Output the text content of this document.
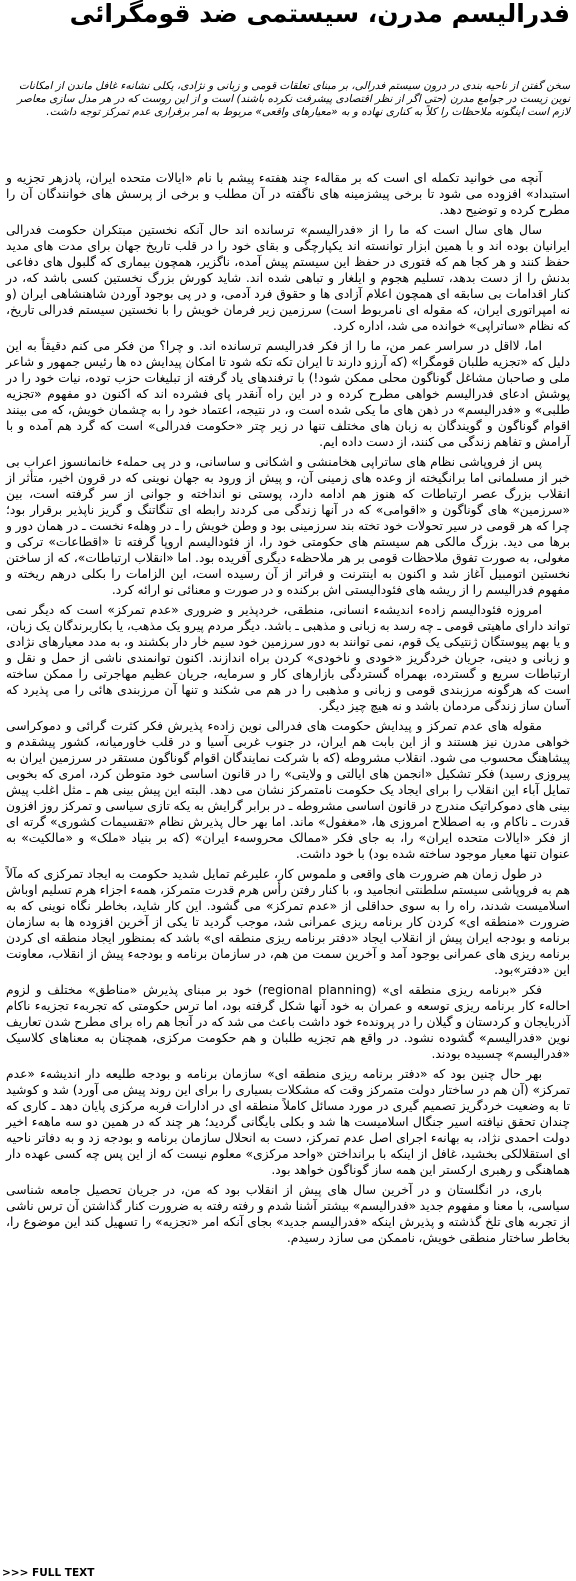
فدرالیسم مدرن، سیستمی ضد قومگرائی

سخن گفتن از ناحیه بندی در درون سیستم فدرالی، بر مبنای تعلقات قومی و زبانی و نژادی، یکلی نشانهء غافل ماندن از امکانات نوین زیست در جوامع مدرن (حتی اگر از نظر اقتصادی پیشرفت نکرده باشند) است و از این روست که در هر مدل سازی معاصر لازم است اینگونه ملاحظات را کلاً به کناری نهاده و به «معیارهای واقعی» مربوط به امر برقراری عدم تمرکز توجه داشت.

آنچه می خوانید تکمله ای است که بر مقالهء چند هفتهء پیشم با نام «ایالات متحده ایران، پادزهر تجزیه و استبداد» افزوده می شود تا برخی پیشزمینه های ناگفته در آن مطلب و برخی از پرسش های خوانندگان آن را مطرح کرده و توضیح دهد.

سال های سال است که ما را از «فدرالیسم» ترسانده اند حال آنکه نخستین مبتکران حکومت فدرالی ایرانیان بوده اند و با همین ابزار توانسته اند یکپارچگی و بقای خود را در قلب تاریخ جهان برای مدت های مدید حفظ کنند و هر کجا هم که فتوری در حفظ این سیستم پیش آمده، ناگزیر، همچون بیماری که گلبول های دفاعی بدنش را از دست بدهد، تسلیم هجوم و ایلغار و تباهی شده اند. شاید کورش بزرگ نخستین کسی باشد که، در کنار اقدامات بی سابقه ای همچون اعلام آزادی ها و حقوق فرد آدمی، و در پی بوجود آوردن شاهنشاهی ایران (و نه امپراتوری ایران، که مقوله ای نامربوط است) سرزمین زیر فرمان خویش را با نخستین سیستم فدرالی تاریخ، که نظام «ساتراپی» خوانده می شد، اداره کرد.

اما، لااقل در سراسر عمر من، ما را از فکر فدرالیسم ترسانده اند. و چرا؟ من فکر می کنم دقیقاً به این دلیل که «تجزیه طلبان قومگرا» (که آرزو دارند تا ایران تکه تکه شود تا امکان پیدایش ده ها رئیس جمهور و شاعر ملی و صاحبان مشاغل گوناگون محلی ممکن شود!) با ترفندهای یاد گرفته از تبلیغات حزب توده، نیات خود را در پوشش ادعای فدرالیسم خواهی مطرح کرده و در این راه آنقدر پای فشرده اند که اکنون دو مفهوم «تجزیه طلبی» و «فدرالیسم» در ذهن های ما یکی شده است و، در نتیجه، اعتماد خود را به چشمان خویش، که می بینند اقوام گوناگون و گویندگان به زبان های مختلف تنها در زیر چتر «حکومت فدرالی» است که گرد هم آمده و با آرامش و تفاهم زندگی می کنند، از دست داده ایم.

پس از فروپاشی نظام های ساتراپی هخامنشی و اشکانی و ساسانی، و در پی حملهء خانمانسوز اعراب بی خبر از مسلمانی اما برانگیخته از وعده های زمینی آن، و پیش از ورود به جهان نوینی که در قرون اخیر، متأثر از انقلاب بزرگ عصر ارتباطات که هنوز هم ادامه دارد، پوستی نو انداخته و جوانی از سر گرفته است، بین «سرزمین» های گوناگون و «اقوامی» که در آنها زندگی می کردند رابطه ای تنگاتنگ و گریز ناپذیر برقرار بود؛ چرا که هر قومی در سیر تحولات خود تخته بند سرزمینی بود و وطن خویش را ـ در وهلهء نخست ـ در همان دور و برها می دید. بزرگ مالکی هم سیستم های حکومتی خود را، از فئودالیسم اروپا گرفته تا «اقطاعات» ترکی و مغولی، به صورت تفوق ملاحظات قومی بر هر ملاحظهء دیگری آفریده بود. اما «انقلاب ارتباطات»، که از ساختن نخستین اتومبیل آغاز شد و اکنون به اینترنت و فراتر از آن رسیده است، این الزامات را بکلی درهم ریخته و مفهوم فدرالیسم را از ریشه های فئودالیستی اش برکنده و در صورت و معنائی نو ارائه کرد.

امروزه فئودالیسم زادهء اندیشهء انسانی، منطقی، خردپذیر و ضروری «عدم تمرکز» است که دیگر نمی تواند دارای ماهیتی قومی ـ چه رسد به زبانی و مذهبی ـ باشد. دیگر مردم پیرو یک مذهب، یا بکاربرندگان یک زبان، و یا بهم پیوستگان ژنتیکی یک قوم، نمی توانند به دور سرزمین خود سیم خار دار بکشند و، به مدد معیارهای نژادی و زبانی و دینی، جریان خردگریز «خودی و ناخودی» کردن براه اندازند. اکنون توانمندی ناشی از حمل و نقل و ارتباطات سریع و گسترده، بهمراه گستردگی بازارهای کار و سرمایه، جریان عظیم مهاجرتی را ممکن ساخته است که هرگونه مرزبندی قومی و زبانی و مذهبی را در هم می شکند و تنها آن مرزبندی هائی را می پذیرد که آسان ساز زندگی مردمان باشد و نه هیچ چیز دیگر.

مقوله های عدم تمرکز و پیدایش حکومت های فدرالی نوین زادهء پذیرش فکر کثرت گرائی و دموکراسی خواهی مدرن نیز هستند و از این بابت هم ایران، در جنوب غربی آسیا و در قلب خاورمیانه، کشور پیشقدم و پیشاهنگ محسوب می شود. انقلاب مشروطه (که با شرکت نمایندگان اقوام گوناگون مستقر در سرزمین ایران به پیروزی رسید) فکر تشکیل «انجمن های ایالتی و ولایتی» را در قانون اساسی خود متوطن کرد، امری که بخوبی تمایل آباء این انقلاب را برای ایجاد یک حکومت نامتمرکز نشان می دهد. البته این پیش بینی هم ـ مثل اغلب پیش بینی های دموکراتیک مندرج در قانون اساسی مشروطه ـ در برابر گرایش به یکه تازی سیاسی و تمرکز روز افزون قدرت ـ ناکام و، به اصطلاح امروزی ها، «مغفول» ماند. اما بهر حال پذیرش نظام «تقسیمات کشوری» گرته ای از فکر «ایالات متحده ایران» را، به جای فکر «ممالک محروسهء ایران» (که بر بنیاد «ملک» و «مالکیت» به عنوان تنها معیار موجود ساخته شده بود) با خود داشت.

در طول زمان هم ضرورت های واقعی و ملموس کار، علیرغم تمایل شدید حکومت به ایجاد تمرکزی که مآلاً هم به فروپاشی سیستم سلطنتی انجامید و، با کنار رفتن رأس هرم قدرت متمرکز، همهء اجزاء هرم تسلیم اوباش اسلامیست شدند، راه را به سوی حداقلی از «عدم تمرکز» می گشود. این کار شاید، بخاطر نگاه نوینی که به ضرورت «منطقه ای» کردن کار برنامه ریزی عمرانی شد، موجب گردید تا یکی از آخرین افزوده ها به سازمان برنامه و بودجه ایران پیش از انقلاب ایجاد «دفتر برنامه ریزی منطقه ای» باشد که بمنظور ایجاد منطقه ای کردن برنامه ریزی های عمرانی بوجود آمد و آخرین سمت من هم، در سازمان برنامه و بودجهء پیش از انقلاب، معاونت این «دفتر»بود.

فکر «برنامه ریزی منطقه ای» (regional planning) خود بر مبنای پذیرش «مناطق» مختلف و لزوم احالهء کار برنامه ریزی توسعه و عمران به خود آنها شکل گرفته بود، اما ترس حکومتی که تجربهء تجزیهء ناکام آذربایجان و کردستان و گیلان را در پروندهء خود داشت باعث می شد که در آنجا هم راه برای مطرح شدن تعاریف نوین «فدرالیسم» گشوده نشود. در واقع هم تجزیه طلبان و هم حکومت مرکزی، همچنان به معناهای کلاسیک «فدرالیسم» چسبیده بودند.

بهر حال چنین بود که «دفتر برنامه ریزی منطقه ای» سازمان برنامه و بودجه طلیعه دار اندیشهء «عدم تمرکز» (آن هم در ساختار دولت متمرکز وقت که مشکلات بسیاری را برای این روند پیش می آورد) شد و کوشید تا به وضعیت خردگریز تصمیم گیری در مورد مسائل کاملاً منطقه ای در ادارات فربه مرکزی پایان دهد ـ کاری که چندان تحقق نیافته اسیر جنگال اسلامیست ها شد و بکلی بایگانی گردید؛ هر چند که در همین دو سه ماههء اخیر دولت احمدی نژاد، به بهانهء اجرای اصل عدم تمرکز، دست به انحلال سازمان برنامه و بودجه زد و به دفاتر ناحیه ای استقلالکی بخشید، غافل از اینکه با برانداختن «واحد مرکزی» معلوم نیست که از این پس چه کسی عهده دار هماهنگی و رهبری ارکستر این همه ساز گوناگون خواهد بود.

باری، در انگلستان و در آخرین سال های پیش از انقلاب بود که من، در جریان تحصیل جامعه شناسی سیاسی، با معنا و مفهوم جدید «فدرالیسم» بیشتر آشنا شدم و رفته رفته به ضرورت کنار گذاشتن آن ترس ناشی از تجربه های تلخ گذشته و پذیرش اینکه «فدرالیسم جدید» بجای آنکه امر «تجزیه» را تسهیل کند این موضوع را، بخاطر ساختار منطقی خویش، ناممکن می سازد رسیدم.

>>> FULL TEXT
